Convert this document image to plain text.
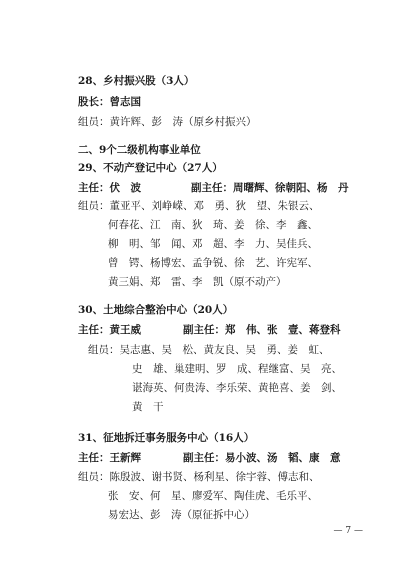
28、乡村振兴股（3人）
股长：曾志国
组员：黄许辉、彭　涛（原乡村振兴）
二、9个二级机构事业单位
29、不动产登记中心（27人）
主任：伏　波	副主任：周曙辉、徐朝阳、杨　丹
组员：董亚平、刘峥嵘、邓　勇、狄　望、朱银云、
何春花、江　南、狄　琦、姜　徐、李　鑫、
柳　明、邹　闻、邓　超、李　力、吴佳兵、
曾　锷、杨博宏、孟争锐、徐　艺、许宪军、
黄三娟、郑　雷、李　凯（原不动产）
30、土地综合整治中心（20人）
主任：黄王威	副主任：郑　伟、张　壹、蒋登科
组员：吴志惠、吴　松、黄友良、吴　勇、姜　虹、
史　雄、巢建明、罗　成、程继富、吴　亮、
谌海英、何贵涛、李乐荣、黄艳喜、姜　剑、
黄　干
31、征地拆迁事务服务中心（16人）
主任：王新辉	副主任：易小波、汤　韬、康　意
组员：陈殷波、谢书贤、杨利星、徐宇蓉、傅志和、
张　安、何　星、廖爱军、陶佳虎、毛乐平、
易宏达、彭　涛（原征拆中心）
— 7 —
